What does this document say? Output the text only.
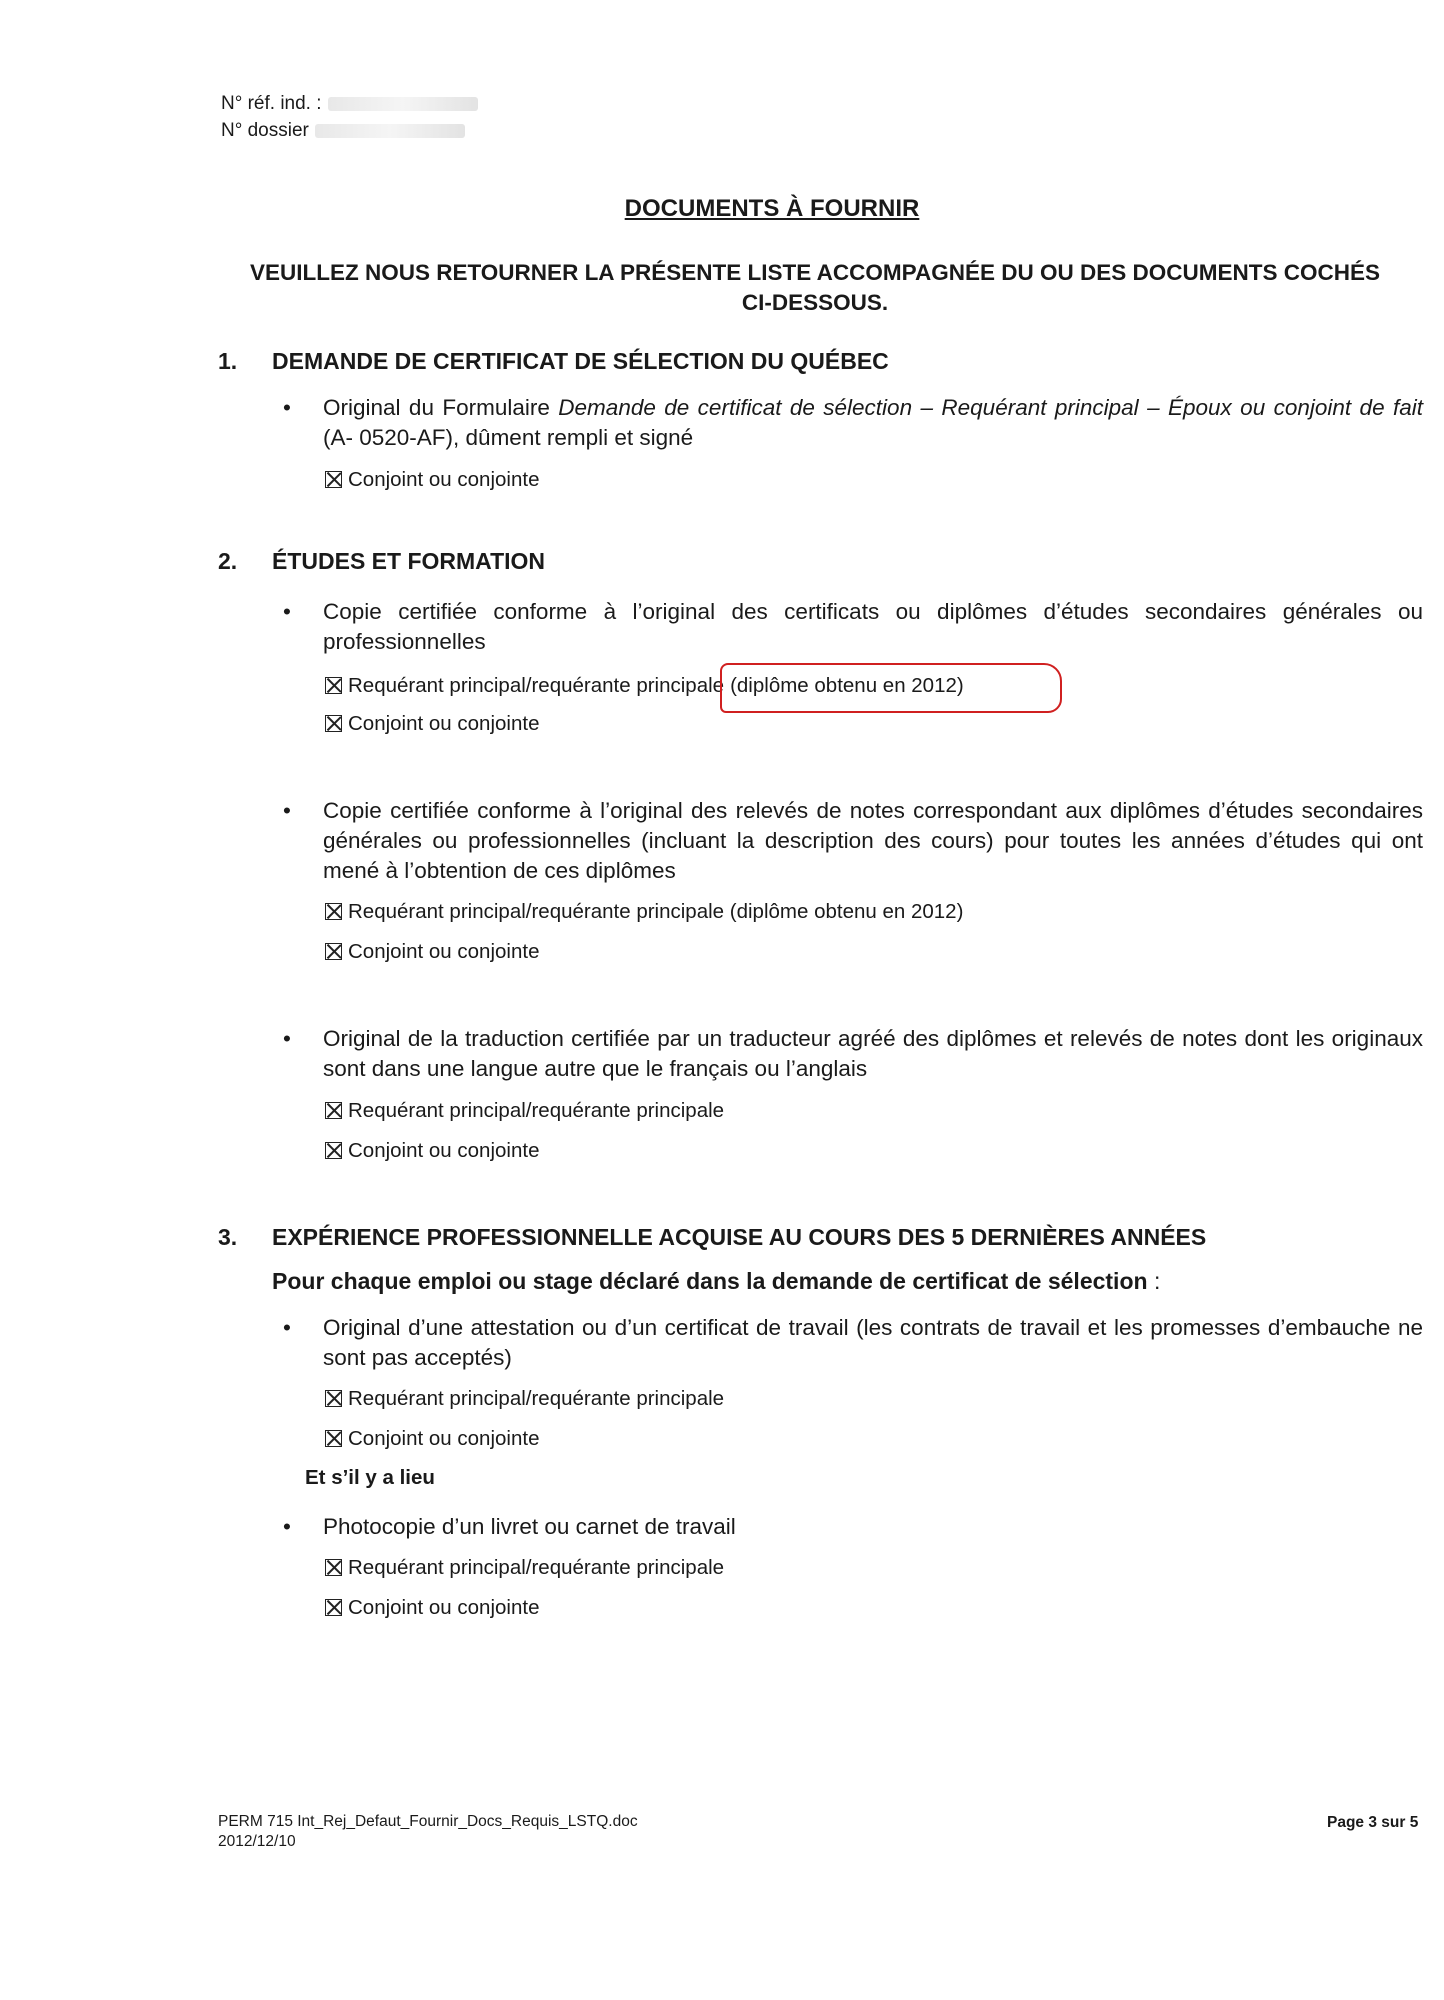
N° réf. ind. :
N° dossier
DOCUMENTS À FOURNIR
VEUILLEZ NOUS RETOURNER LA PRÉSENTE LISTE ACCOMPAGNÉE DU OU DES DOCUMENTS COCHÉS CI-DESSOUS.
1. DEMANDE DE CERTIFICAT DE SÉLECTION DU QUÉBEC
• Original du Formulaire Demande de certificat de sélection – Requérant principal – Époux ou conjoint de fait (A- 0520-AF), dûment rempli et signé
Conjoint ou conjointe
2. ÉTUDES ET FORMATION
• Copie certifiée conforme à l’original des certificats ou diplômes d’études secondaires générales ou professionnelles
Requérant principal/requérante principale (diplôme obtenu en 2012)
Conjoint ou conjointe
• Copie certifiée conforme à l’original des relevés de notes correspondant aux diplômes d’études secondaires générales ou professionnelles (incluant la description des cours) pour toutes les années d’études qui ont mené à l’obtention de ces diplômes
Requérant principal/requérante principale (diplôme obtenu en 2012)
Conjoint ou conjointe
• Original de la traduction certifiée par un traducteur agréé des diplômes et relevés de notes dont les originaux sont dans une langue autre que le français ou l’anglais
Requérant principal/requérante principale
Conjoint ou conjointe
3. EXPÉRIENCE PROFESSIONNELLE ACQUISE AU COURS DES 5 DERNIÈRES ANNÉES
Pour chaque emploi ou stage déclaré dans la demande de certificat de sélection :
• Original d’une attestation ou d’un certificat de travail (les contrats de travail et les promesses d’embauche ne sont pas acceptés)
Requérant principal/requérante principale
Conjoint ou conjointe
Et s’il y a lieu
• Photocopie d’un livret ou carnet de travail
Requérant principal/requérante principale
Conjoint ou conjointe
PERM 715 Int_Rej_Defaut_Fournir_Docs_Requis_LSTQ.doc
2012/12/10
Page 3 sur 5
